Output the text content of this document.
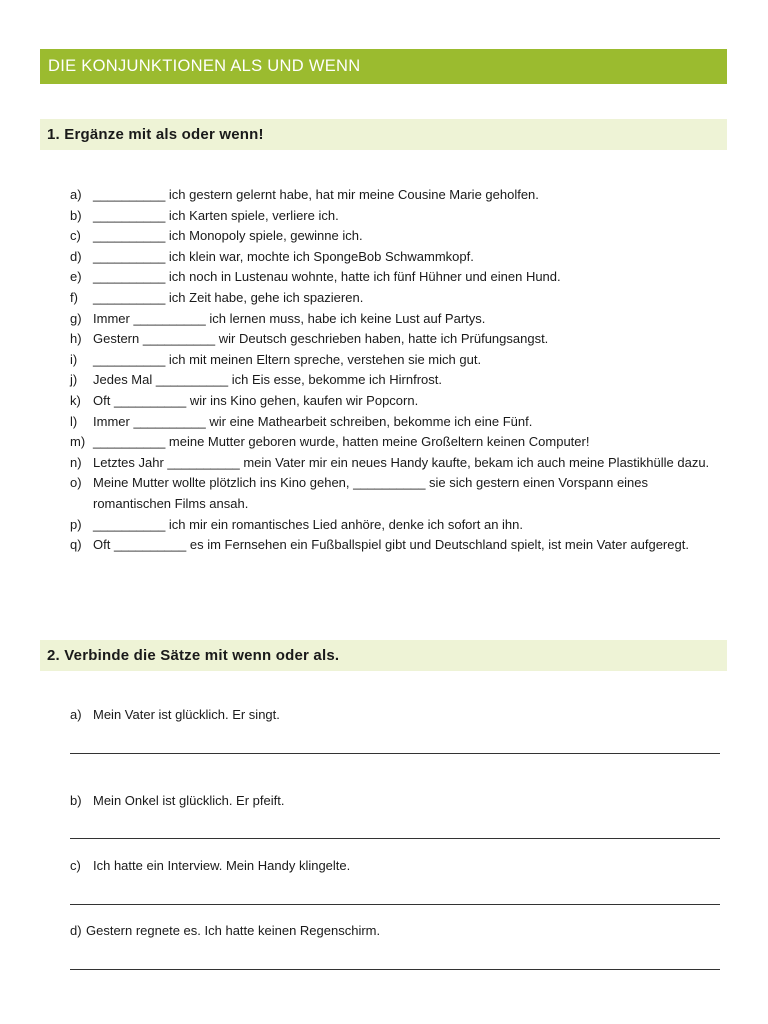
DIE KONJUNKTIONEN ALS UND WENN
1. Ergänze mit als oder wenn!
a) __________ ich gestern gelernt habe, hat mir meine Cousine Marie geholfen.
b) __________ ich Karten spiele, verliere ich.
c) __________ ich Monopoly spiele, gewinne ich.
d) __________ ich klein war, mochte ich SpongeBob Schwammkopf.
e) __________ ich noch in Lustenau wohnte, hatte ich fünf Hühner und einen Hund.
f)	__________ ich Zeit habe, gehe ich spazieren.
g) Immer __________ ich lernen muss, habe ich keine Lust auf Partys.
h) Gestern __________ wir Deutsch geschrieben haben, hatte ich Prüfungsangst.
i)	__________ ich mit meinen Eltern spreche, verstehen sie mich gut.
j)	Jedes Mal __________ ich Eis esse, bekomme ich Hirnfrost.
k) Oft __________ wir ins Kino gehen, kaufen wir Popcorn.
l)	Immer __________ wir eine Mathearbeit schreiben, bekomme ich eine Fünf.
m) __________ meine Mutter geboren wurde, hatten meine Großeltern keinen Computer!
n) Letztes Jahr __________ mein Vater mir ein neues Handy kaufte, bekam ich auch meine Plastikhülle dazu.
o) Meine Mutter wollte plötzlich ins Kino gehen, __________ sie sich gestern einen Vorspann eines romantischen Films ansah.
p) __________ ich mir ein romantisches Lied anhöre, denke ich sofort an ihn.
q) Oft __________ es im Fernsehen ein Fußballspiel gibt und Deutschland spielt, ist mein Vater aufgeregt.
2. Verbinde die Sätze mit wenn oder als.
a) Mein Vater ist glücklich. Er singt.
b) Mein Onkel ist glücklich. Er pfeift.
c) Ich hatte ein Interview. Mein Handy klingelte.
d) Gestern regnete es. Ich hatte keinen Regenschirm.
